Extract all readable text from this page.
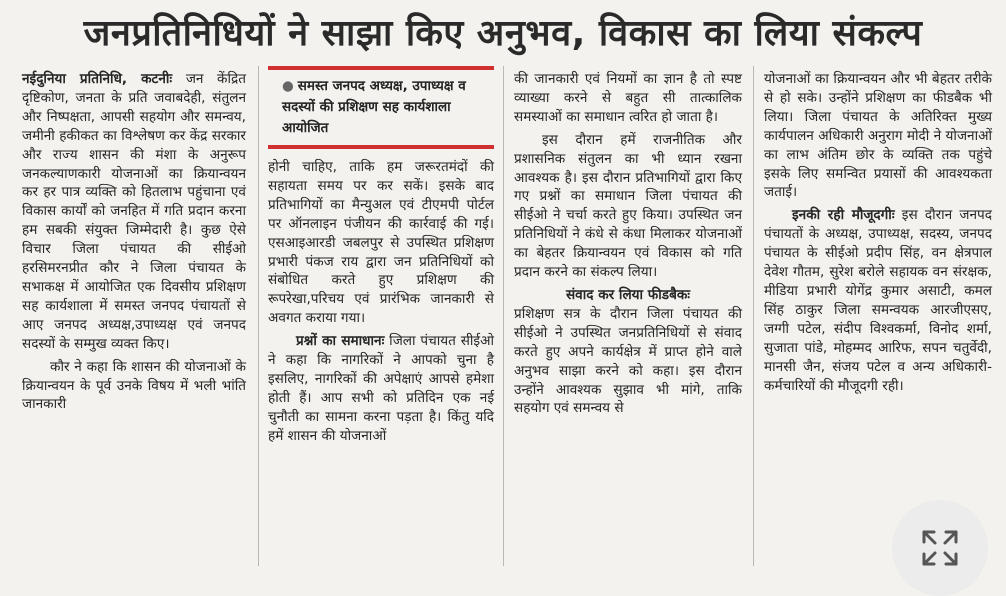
जनप्रतिनिधियों ने साझा किए अनुभव, विकास का लिया संकल्प

नईदुनिया प्रतिनिधि, कटनीः जन केंद्रित दृष्टिकोण, जनता के प्रति जवाबदेही, संतुलन और निष्पक्षता, आपसी सहयोग और समन्वय, जमीनी हकीकत का विश्लेषण कर केंद्र सरकार और राज्य शासन की मंशा के अनुरूप जनकल्याणकारी योजनाओं का क्रियान्वयन कर हर पात्र व्यक्ति को हितलाभ पहुंचाना एवं विकास कार्यों को जनहित में गति प्रदान करना हम सबकी संयुक्त जिम्मेदारी है। कुछ ऐसे विचार जिला पंचायत की सीईओ हरसिमरनप्रीत कौर ने जिला पंचायत के सभाकक्ष में आयोजित एक दिवसीय प्रशिक्षण सह कार्यशाला में समस्त जनपद पंचायतों से आए जनपद अध्यक्ष,उपाध्यक्ष एवं जनपद सदस्यों के सम्मुख व्यक्त किए।

कौर ने कहा कि शासन की योजनाओं के क्रियान्वयन के पूर्व उनके विषय में भली भांति जानकारी

● समस्त जनपद अध्यक्ष, उपाध्यक्ष व सदस्यों की प्रशिक्षण सह कार्यशाला आयोजित

होनी चाहिए, ताकि हम जरूरतमंदों की सहायता समय पर कर सकें। इसके बाद प्रतिभागियों का मैन्युअल एवं टीएमपी पोर्टल पर ऑनलाइन पंजीयन की कार्रवाई की गई। एसआइआरडी जबलपुर से उपस्थित प्रशिक्षण प्रभारी पंकज राय द्वारा जन प्रतिनिधियों को संबोधित करते हुए प्रशिक्षण की रूपरेखा,परिचय एवं प्रारंभिक जानकारी से अवगत कराया गया।

प्रश्नों का समाधानः जिला पंचायत सीईओ ने कहा कि नागरिकों ने आपको चुना है इसलिए, नागरिकों की अपेक्षाएं आपसे हमेशा होती हैं। आप सभी को प्रतिदिन एक नई चुनौती का सामना करना पड़ता है। किंतु यदि हमें शासन की योजनाओं

की जानकारी एवं नियमों का ज्ञान है तो स्पष्ट व्याख्या करने से बहुत सी तात्कालिक समस्याओं का समाधान त्वरित हो जाता है।

इस दौरान हमें राजनीतिक और प्रशासनिक संतुलन का भी ध्यान रखना आवश्यक है। इस दौरान प्रतिभागियों द्वारा किए गए प्रश्नों का समाधान जिला पंचायत की सीईओ ने चर्चा करते हुए किया। उपस्थित जन प्रतिनिधियों ने कंधे से कंधा मिलाकर योजनाओं का बेहतर क्रियान्वयन एवं विकास को गति प्रदान करने का संकल्प लिया।

संवाद कर लिया फीडबैकः

प्रशिक्षण सत्र के दौरान जिला पंचायत की सीईओ ने उपस्थित जनप्रतिनिधियों से संवाद करते हुए अपने कार्यक्षेत्र में प्राप्त होने वाले अनुभव साझा करने को कहा। इस दौरान उन्होंने आवश्यक सुझाव भी मांगे, ताकि सहयोग एवं समन्वय से

योजनाओं का क्रियान्वयन और भी बेहतर तरीके से हो सके। उन्होंने प्रशिक्षण का फीडबैक भी लिया। जिला पंचायत के अतिरिक्त मुख्य कार्यपालन अधिकारी अनुराग मोदी ने योजनाओं का लाभ अंतिम छोर के व्यक्ति तक पहुंचे इसके लिए समन्वित प्रयासों की आवश्यकता जताई।

इनकी रही मौजूदगीः इस दौरान जनपद पंचायतों के अध्यक्ष, उपाध्यक्ष, सदस्य, जनपद पंचायत के सीईओ प्रदीप सिंह, वन क्षेत्रपाल देवेश गौतम, सुरेश बरोले सहायक वन संरक्षक, मीडिया प्रभारी योगेंद्र कुमार असाटी, कमल सिंह ठाकुर जिला समन्वयक आरजीएसए, जग्गी पटेल, संदीप विश्वकर्मा, विनोद शर्मा, सुजाता पांडे, मोहम्मद आरिफ, सपन चतुर्वेदी, मानसी जैन, संजय पटेल व अन्य अधिकारी-कर्मचारियों की मौजूदगी रही।
